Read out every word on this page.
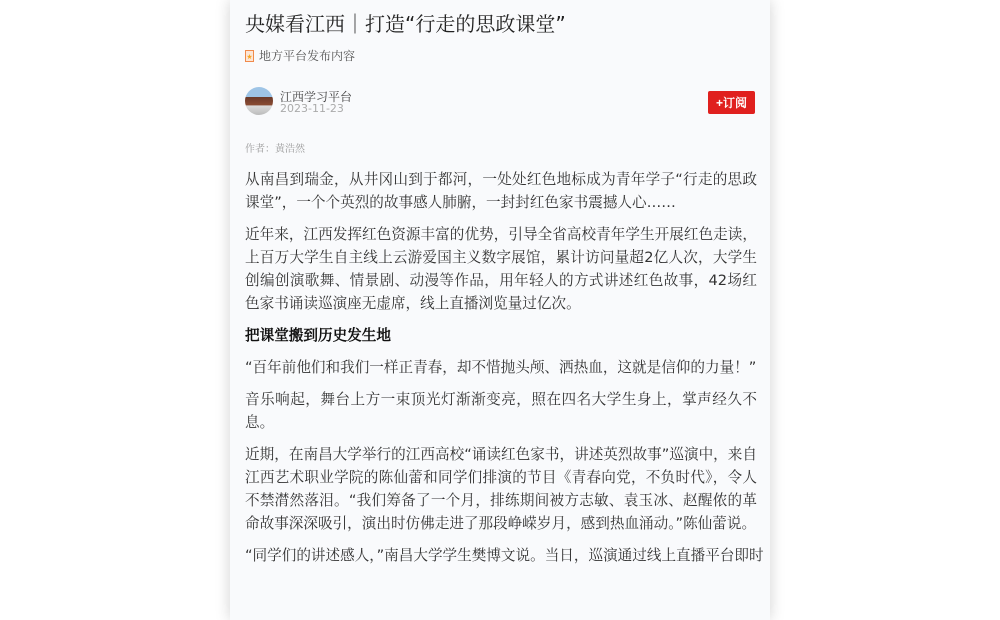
央媒看江西｜打造“行走的思政课堂”
★ 地方平台发布内容
江西学习平台
2023-11-23	+订阅
作者：黄浩然

从南昌到瑞金，从井冈山到于都河，一处处红色地标成为青年学子“行走的思政课堂”，一个个英烈的故事感人肺腑，一封封红色家书震撼人心……

近年来，江西发挥红色资源丰富的优势，引导全省高校青年学生开展红色走读，上百万大学生自主线上云游爱国主义数字展馆，累计访问量超2亿人次，大学生创编创演歌舞、情景剧、动漫等作品，用年轻人的方式讲述红色故事，42场红色家书诵读巡演座无虚席，线上直播浏览量过亿次。

把课堂搬到历史发生地

“百年前他们和我们一样正青春，却不惜抛头颅、洒热血，这就是信仰的力量！”

音乐响起，舞台上方一束顶光灯渐渐变亮，照在四名大学生身上，掌声经久不息。

近期，在南昌大学举行的江西高校“诵读红色家书，讲述英烈故事”巡演中，来自江西艺术职业学院的陈仙蕾和同学们排演的节目《青春向党，不负时代》，令人不禁潸然落泪。“我们筹备了一个月，排练期间被方志敏、袁玉冰、赵醒侬的革命故事深深吸引，演出时仿佛走进了那段峥嵘岁月，感到热血涌动。”陈仙蕾说。

“同学们的讲述感人，”南昌大学学生樊博文说。当日，巡演通过线上直播平台即时
